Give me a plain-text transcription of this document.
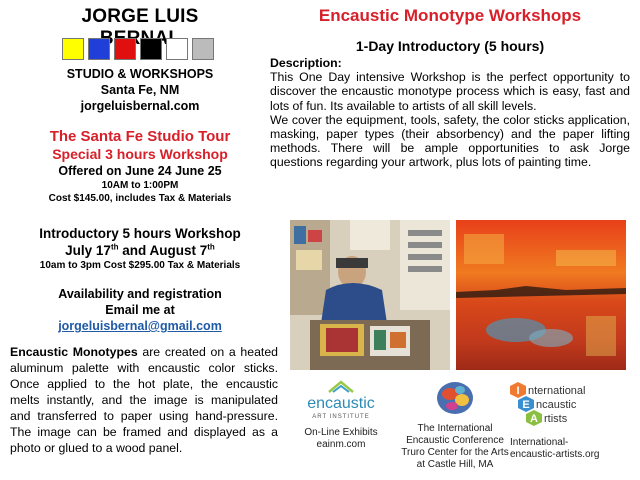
JORGE LUIS
STUDIO & WORKSHOPS
Santa Fe, NM
jorgeluisbernal.com
The Santa Fe Studio Tour
Special 3 hours Workshop
Offered on June 24 June 25
10AM to 1:00PM
Cost $145.00, includes Tax & Materials
Introductory 5 hours Workshop
July 17th and August 7th
10am to 3pm Cost $295.00 Tax & Materials
Availability and registration
Email me at
jorgeluisbernal@gmail.com
Encaustic Monotypes are created on a heated aluminum palette with encaustic color sticks. Once applied to the hot plate, the encaustic melts instantly, and the image is manipulated and transferred to paper using hand-pressure. The image can be framed and displayed as a photo or glued to a wood panel.
Encaustic Monotype Workshops
1-Day Introductory (5 hours)
Description:
This One Day intensive Workshop is the perfect opportunity to discover the encaustic monotype process which is easy, fast and lots of fun. Its available to artists of all skill levels.
We cover the equipment, tools, safety, the color sticks application, masking, paper types (their absorbency) and the paper lifting methods. There will be ample opportunities to ask Jorge questions regarding your artwork, plus lots of painting time.
encaustic
ART INSTITUTE
On-Line Exhibits
eainm.com
The International
Encaustic Conference
Truro Center for the Arts
at Castle Hill, MA
I nternational
E ncaustic
A rtists
International-
encaustic-artists.org
